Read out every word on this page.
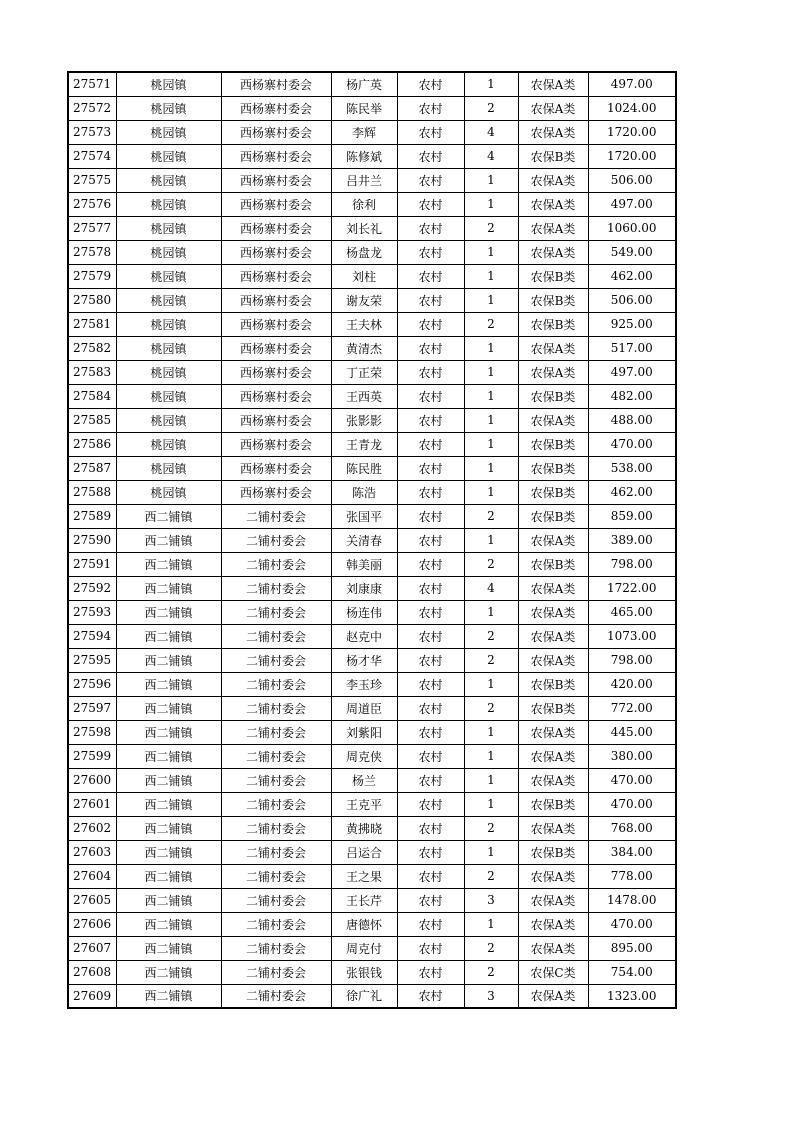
27571	桃园镇	西杨寨村委会	杨广英	农村	1	农保A类	497.00
27572	桃园镇	西杨寨村委会	陈民举	农村	2	农保A类	1024.00
27573	桃园镇	西杨寨村委会	李辉	农村	4	农保A类	1720.00
27574	桃园镇	西杨寨村委会	陈修斌	农村	4	农保B类	1720.00
27575	桃园镇	西杨寨村委会	吕井兰	农村	1	农保A类	506.00
27576	桃园镇	西杨寨村委会	徐利	农村	1	农保A类	497.00
27577	桃园镇	西杨寨村委会	刘长礼	农村	2	农保A类	1060.00
27578	桃园镇	西杨寨村委会	杨盘龙	农村	1	农保A类	549.00
27579	桃园镇	西杨寨村委会	刘柱	农村	1	农保B类	462.00
27580	桃园镇	西杨寨村委会	谢友荣	农村	1	农保B类	506.00
27581	桃园镇	西杨寨村委会	王夫林	农村	2	农保B类	925.00
27582	桃园镇	西杨寨村委会	黄清杰	农村	1	农保A类	517.00
27583	桃园镇	西杨寨村委会	丁正荣	农村	1	农保A类	497.00
27584	桃园镇	西杨寨村委会	王西英	农村	1	农保B类	482.00
27585	桃园镇	西杨寨村委会	张影影	农村	1	农保A类	488.00
27586	桃园镇	西杨寨村委会	王青龙	农村	1	农保B类	470.00
27587	桃园镇	西杨寨村委会	陈民胜	农村	1	农保B类	538.00
27588	桃园镇	西杨寨村委会	陈浩	农村	1	农保B类	462.00
27589	西二铺镇	二铺村委会	张国平	农村	2	农保B类	859.00
27590	西二铺镇	二铺村委会	关清春	农村	1	农保A类	389.00
27591	西二铺镇	二铺村委会	韩美丽	农村	2	农保B类	798.00
27592	西二铺镇	二铺村委会	刘康康	农村	4	农保A类	1722.00
27593	西二铺镇	二铺村委会	杨连伟	农村	1	农保A类	465.00
27594	西二铺镇	二铺村委会	赵克中	农村	2	农保A类	1073.00
27595	西二铺镇	二铺村委会	杨才华	农村	2	农保A类	798.00
27596	西二铺镇	二铺村委会	李玉珍	农村	1	农保B类	420.00
27597	西二铺镇	二铺村委会	周道臣	农村	2	农保B类	772.00
27598	西二铺镇	二铺村委会	刘紫阳	农村	1	农保A类	445.00
27599	西二铺镇	二铺村委会	周克侠	农村	1	农保A类	380.00
27600	西二铺镇	二铺村委会	杨兰	农村	1	农保A类	470.00
27601	西二铺镇	二铺村委会	王克平	农村	1	农保B类	470.00
27602	西二铺镇	二铺村委会	黄拂晓	农村	2	农保A类	768.00
27603	西二铺镇	二铺村委会	吕运合	农村	1	农保B类	384.00
27604	西二铺镇	二铺村委会	王之果	农村	2	农保A类	778.00
27605	西二铺镇	二铺村委会	王长芹	农村	3	农保A类	1478.00
27606	西二铺镇	二铺村委会	唐德怀	农村	1	农保A类	470.00
27607	西二铺镇	二铺村委会	周克付	农村	2	农保A类	895.00
27608	西二铺镇	二铺村委会	张银钱	农村	2	农保C类	754.00
27609	西二铺镇	二铺村委会	徐广礼	农村	3	农保A类	1323.00
